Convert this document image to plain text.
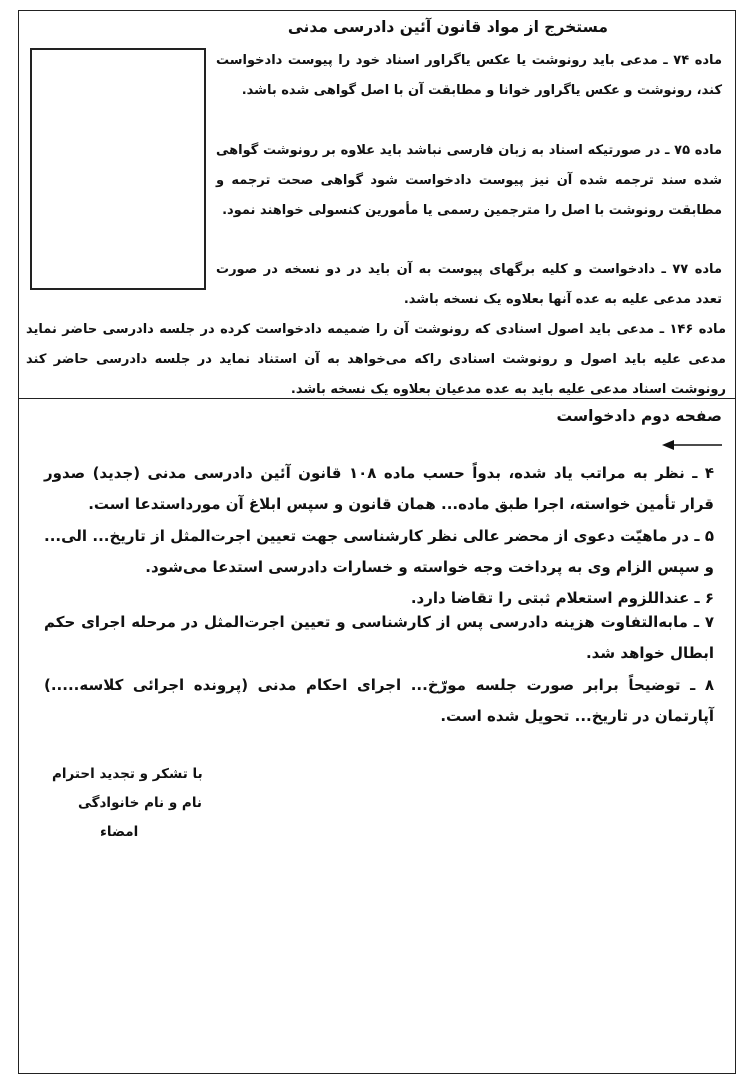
مستخرج از مواد قانون آئین دادرسی مدنی
ماده ۷۴ ـ مدعی باید رونوشت یا عکس یاگراور اسناد خود را پیوست دادخواست کند، رونوشت و عکس یاگراور خوانا و مطابقت آن با اصل گواهی شده باشد.
ماده ۷۵ ـ در صورتیکه اسناد به زبان فارسی نباشد باید علاوه بر رونوشت گواهی شده سند ترجمه شده آن نیز پیوست دادخواست شود گواهی صحت ترجمه و مطابقت رونوشت با اصل را مترجمین رسمی یا مأمورین کنسولی خواهند نمود.
ماده ۷۷ ـ دادخواست و کلیه برگهای پیوست به آن باید در دو نسخه در صورت تعدد مدعی علیه به عده آنها بعلاوه یک نسخه باشد.
ماده ۱۴۶ ـ مدعی باید اصول اسنادی که رونوشت آن را ضمیمه دادخواست کرده در جلسه دادرسی حاضر نماید مدعی علیه باید اصول و رونوشت اسنادی راکه می‌خواهد به آن استناد نماید در جلسه دادرسی حاضر کند رونوشت اسناد مدعی علیه باید به عده مدعیان بعلاوه یک نسخه باشد.
صفحه دوم دادخواست
۴ ـ نظر به مراتب یاد شده، بدواً حسب ماده ۱۰۸ قانون آئین دادرسی مدنی (جدید) صدور قرار تأمین خواسته، اجرا طبق ماده... همان قانون و سپس ابلاغ آن مورداستدعا است.
۵ ـ در ماهیّت دعوی از محضر عالی نظر کارشناسی جهت تعیین اجرت‌المثل از تاریخ... الی... و سپس الزام وی به پرداخت وجه خواسته و خسارات دادرسی استدعا می‌شود.
۶ ـ عنداللزوم استعلام ثبتی را تقاضا دارد.
۷ ـ مابه‌التفاوت هزینه دادرسی پس از کارشناسی و تعیین اجرت‌المثل در مرحله اجرای حکم ابطال خواهد شد.
۸ ـ توضیحاً برابر صورت جلسه مورّخ... اجرای احکام مدنی (پرونده اجرائی کلاسه.....) آپارتمان در تاریخ... تحویل شده است.
با تشکر و تجدید احترام
نام و نام خانوادگی
امضاء
